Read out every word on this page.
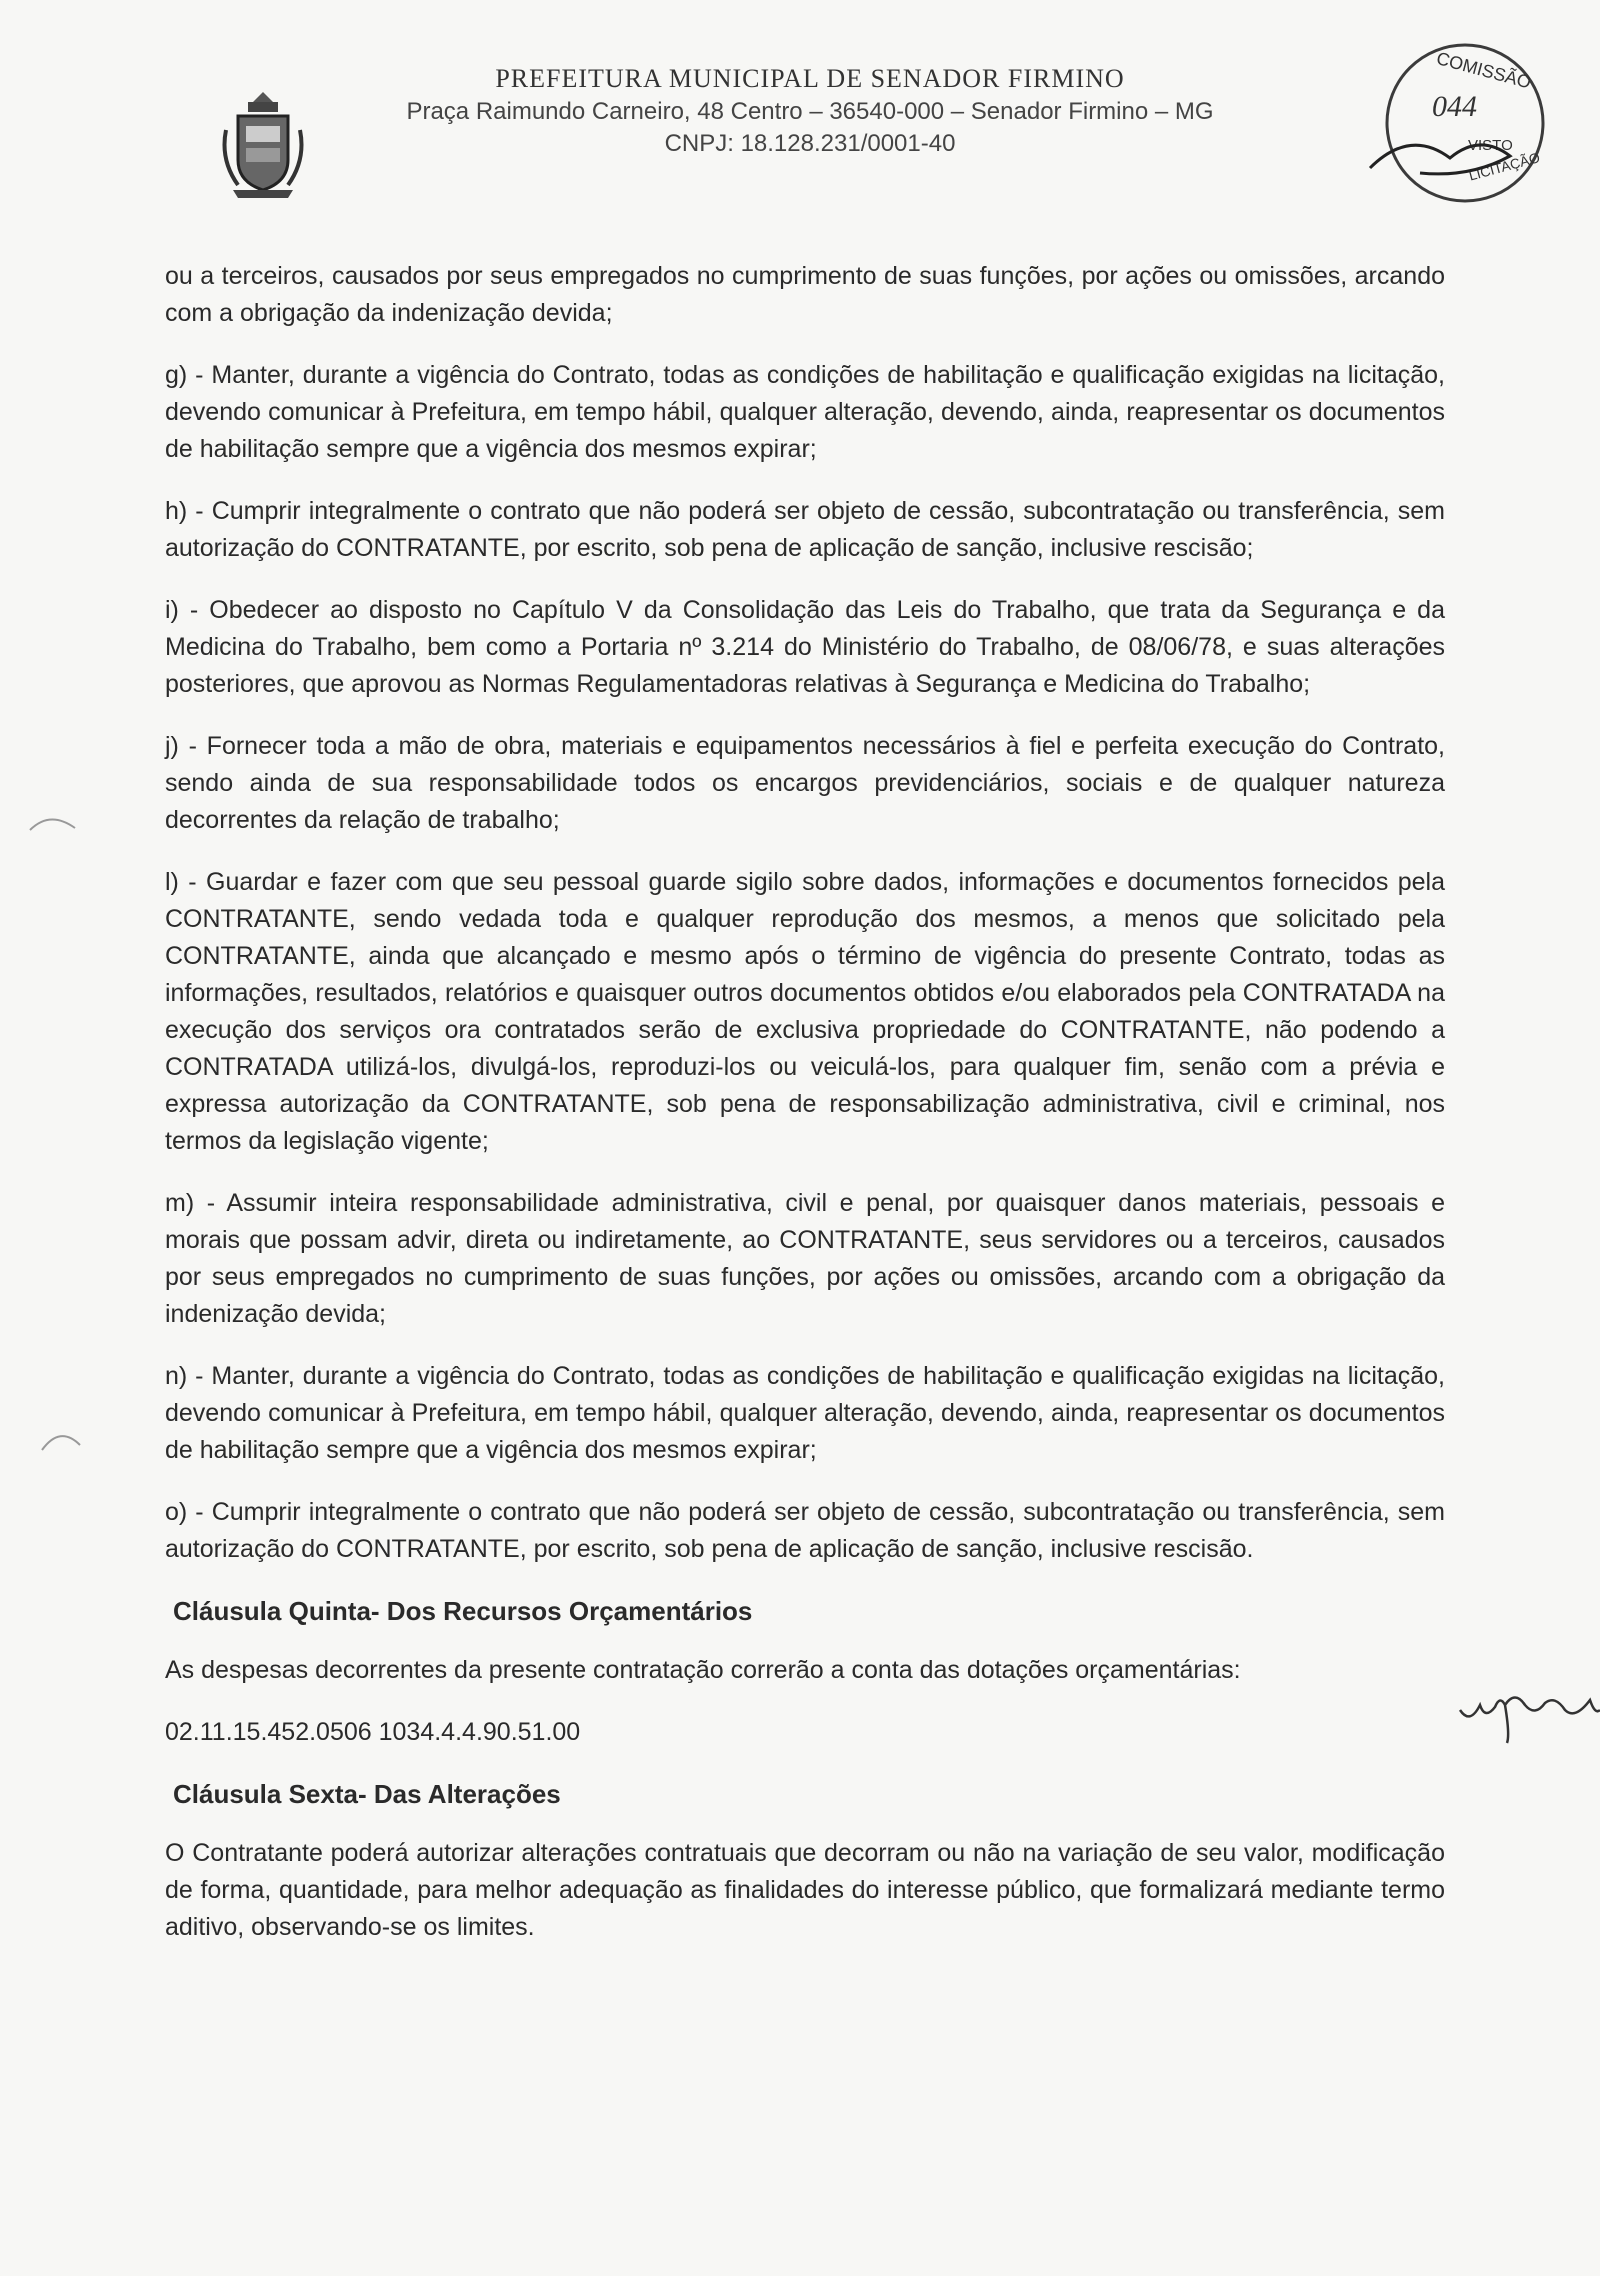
PREFEITURA MUNICIPAL DE SENADOR FIRMINO
Praça Raimundo Carneiro, 48 Centro – 36540-000 – Senador Firmino – MG
CNPJ: 18.128.231/0001-40
COMISSÃO
044
VISTO
LICITAÇÃO

ou a terceiros, causados por seus empregados no cumprimento de suas funções, por ações ou omissões, arcando com a obrigação da indenização devida;

g) - Manter, durante a vigência do Contrato, todas as condições de habilitação e qualificação exigidas na licitação, devendo comunicar à Prefeitura, em tempo hábil, qualquer alteração, devendo, ainda, reapresentar os documentos de habilitação sempre que a vigência dos mesmos expirar;

h) - Cumprir integralmente o contrato que não poderá ser objeto de cessão, subcontratação ou transferência, sem autorização do CONTRATANTE, por escrito, sob pena de aplicação de sanção, inclusive rescisão;

i) - Obedecer ao disposto no Capítulo V da Consolidação das Leis do Trabalho, que trata da Segurança e da Medicina do Trabalho, bem como a Portaria nº 3.214 do Ministério do Trabalho, de 08/06/78, e suas alterações posteriores, que aprovou as Normas Regulamentadoras relativas à Segurança e Medicina do Trabalho;

j) - Fornecer toda a mão de obra, materiais e equipamentos necessários à fiel e perfeita execução do Contrato, sendo ainda de sua responsabilidade todos os encargos previdenciários, sociais e de qualquer natureza decorrentes da relação de trabalho;

l) - Guardar e fazer com que seu pessoal guarde sigilo sobre dados, informações e documentos fornecidos pela CONTRATANTE, sendo vedada toda e qualquer reprodução dos mesmos, a menos que solicitado pela CONTRATANTE, ainda que alcançado e mesmo após o término de vigência do presente Contrato, todas as informações, resultados, relatórios e quaisquer outros documentos obtidos e/ou elaborados pela CONTRATADA na execução dos serviços ora contratados serão de exclusiva propriedade do CONTRATANTE, não podendo a CONTRATADA utilizá-los, divulgá-los, reproduzi-los ou veiculá-los, para qualquer fim, senão com a prévia e expressa autorização da CONTRATANTE, sob pena de responsabilização administrativa, civil e criminal, nos termos da legislação vigente;

m) - Assumir inteira responsabilidade administrativa, civil e penal, por quaisquer danos materiais, pessoais e morais que possam advir, direta ou indiretamente, ao CONTRATANTE, seus servidores ou a terceiros, causados por seus empregados no cumprimento de suas funções, por ações ou omissões, arcando com a obrigação da indenização devida;

n) - Manter, durante a vigência do Contrato, todas as condições de habilitação e qualificação exigidas na licitação, devendo comunicar à Prefeitura, em tempo hábil, qualquer alteração, devendo, ainda, reapresentar os documentos de habilitação sempre que a vigência dos mesmos expirar;

o) - Cumprir integralmente o contrato que não poderá ser objeto de cessão, subcontratação ou transferência, sem autorização do CONTRATANTE, por escrito, sob pena de aplicação de sanção, inclusive rescisão.

Cláusula Quinta- Dos Recursos Orçamentários

As despesas decorrentes da presente contratação correrão a conta das dotações orçamentárias:

02.11.15.452.0506 1034.4.4.90.51.00

Cláusula Sexta- Das Alterações

O Contratante poderá autorizar alterações contratuais que decorram ou não na variação de seu valor, modificação de forma, quantidade, para melhor adequação as finalidades do interesse público, que formalizará mediante termo aditivo, observando-se os limites.
